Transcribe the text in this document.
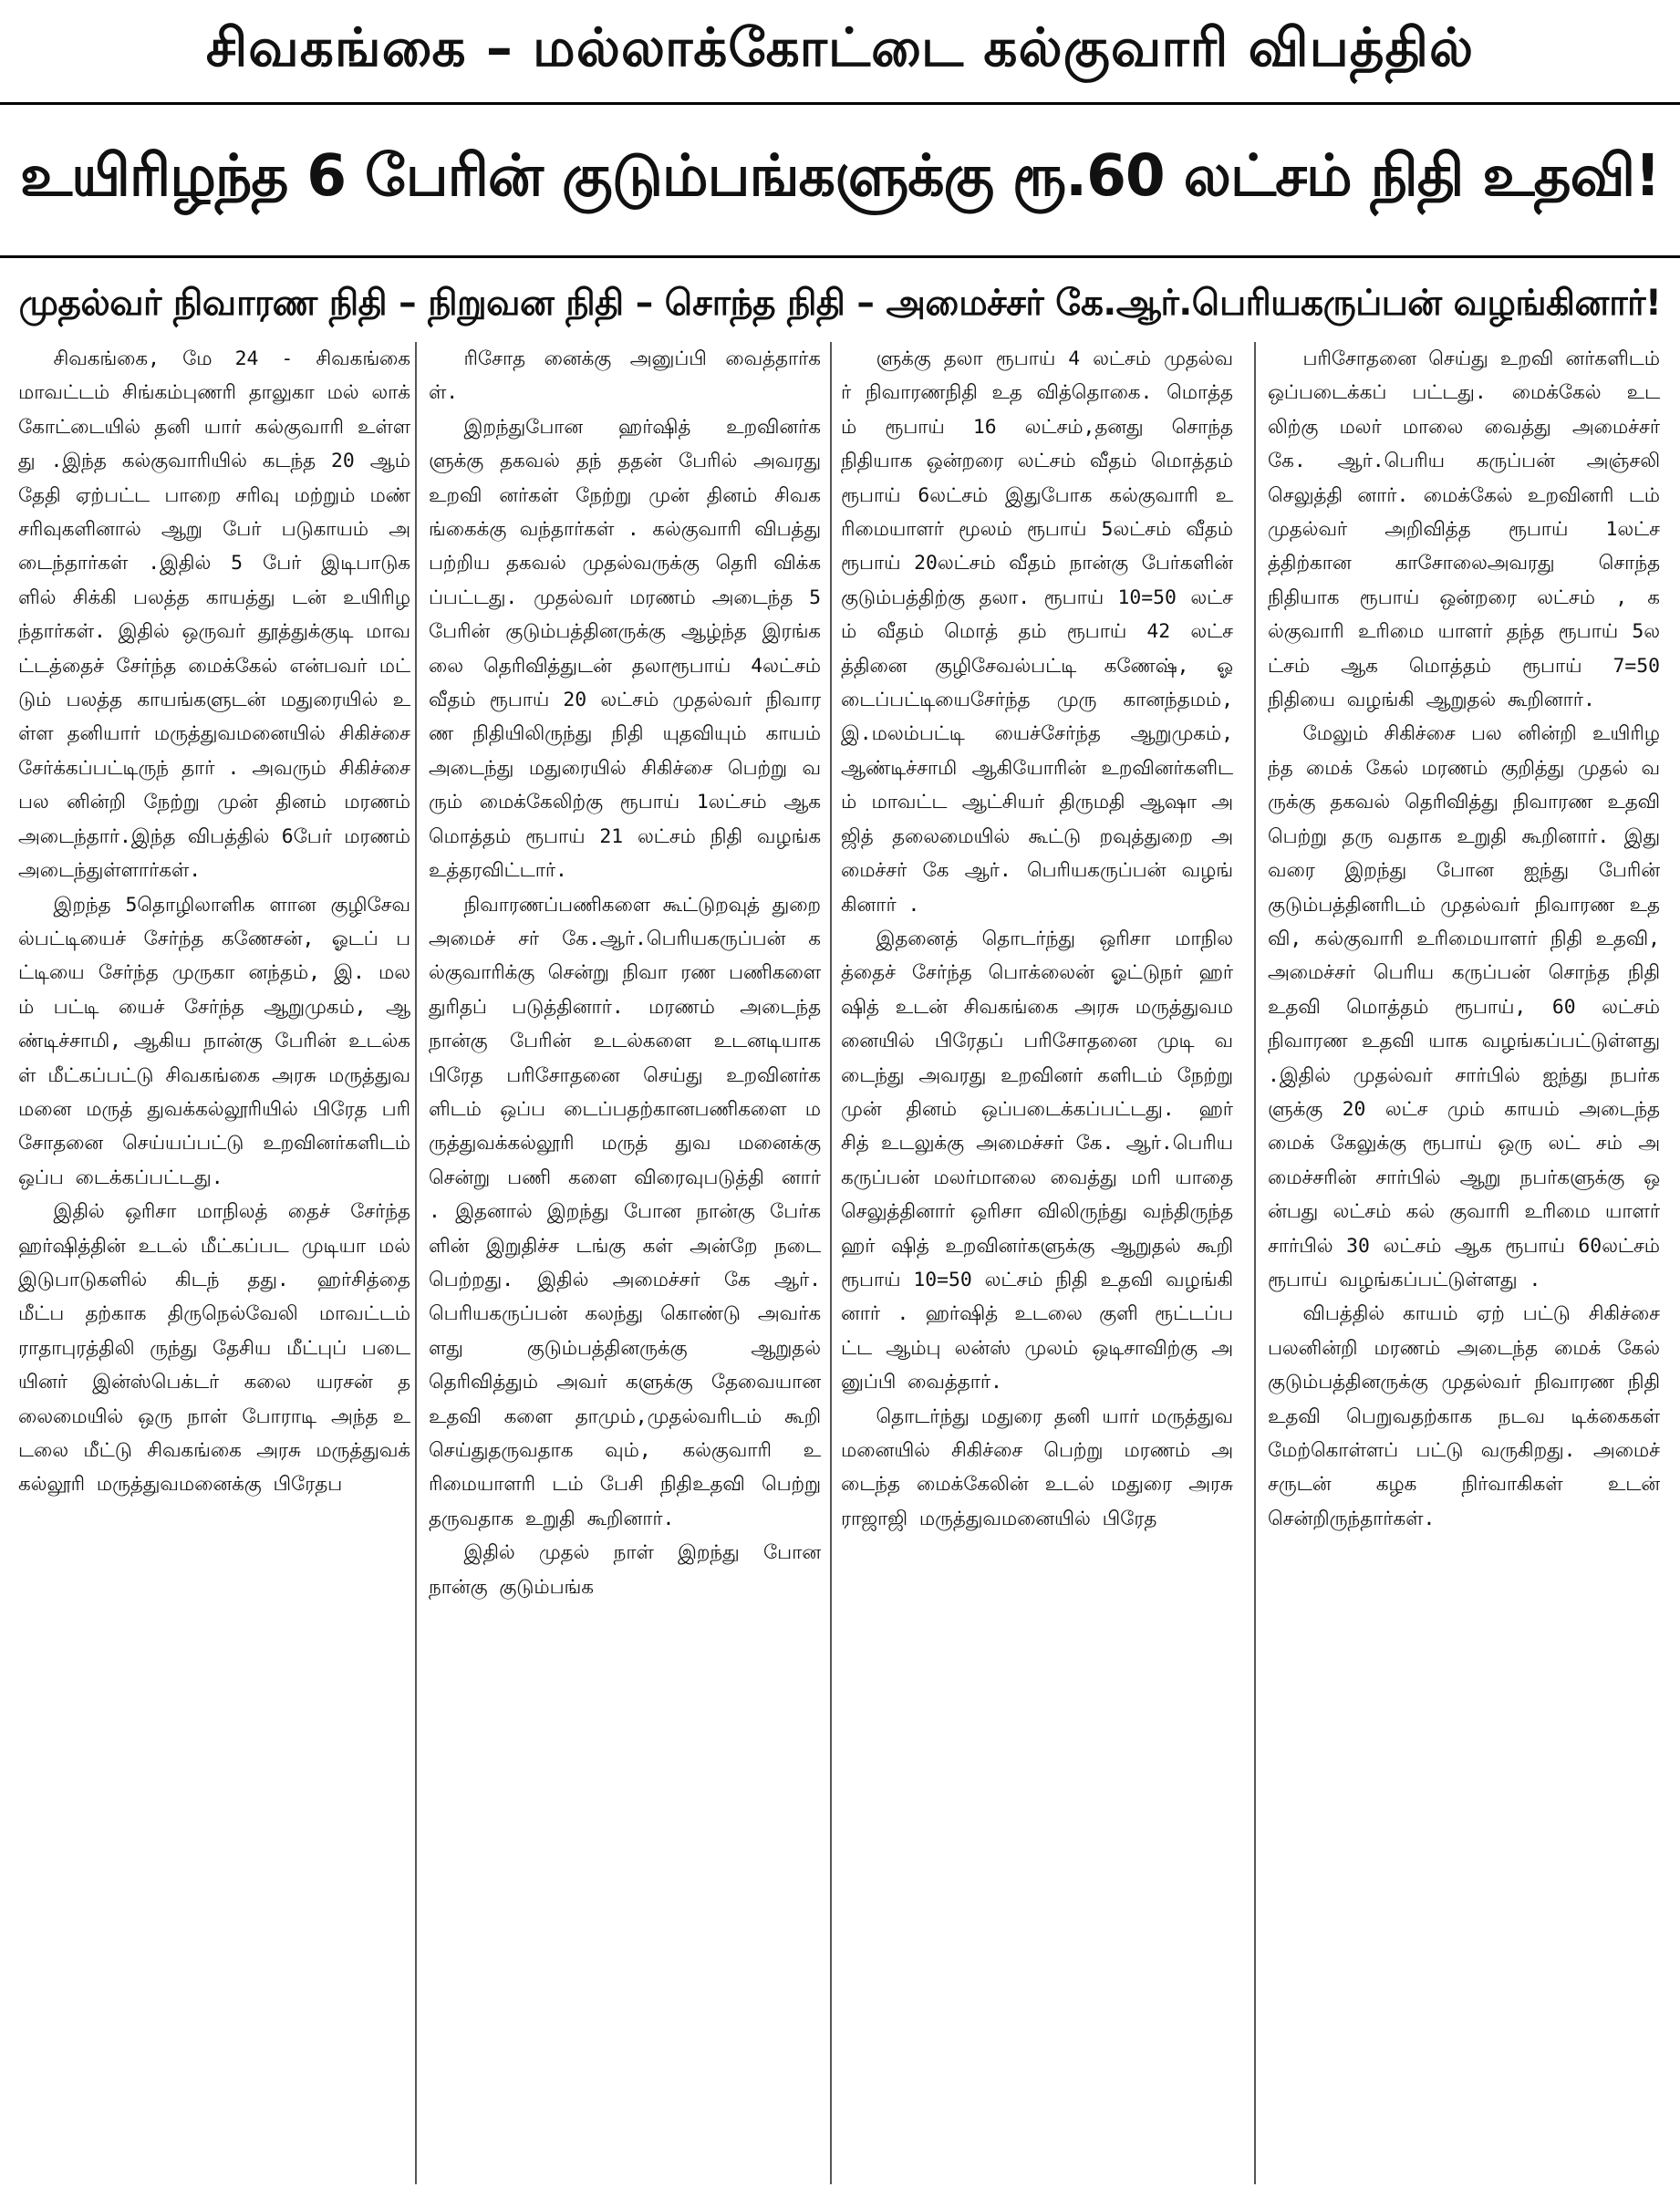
சிவகங்கை – மல்லாக்கோட்டை கல்குவாரி விபத்தில்
உயிரிழந்த 6 பேரின் குடும்பங்களுக்கு ரூ.60 லட்சம் நிதி உதவி!
முதல்வர் நிவாரண நிதி – நிறுவன நிதி – சொந்த நிதி – அமைச்சர் கே.ஆர்.பெரியகருப்பன் வழங்கினார்!

சிவகங்கை, மே 24 - சிவகங்கை மாவட்டம் சிங்கம்புணரி தாலுகா மல் லாக் கோட்டையில் தனி யார் கல்குவாரி உள்ளது .இந்த கல்குவாரியில் கடந்த 20 ஆம் தேதி ஏற்பட்ட பாறை சரிவு மற்றும் மண் சரிவுகளினால் ஆறு பேர் படுகாயம் அடைந்தார்கள் .இதில் 5 பேர் இடிபாடுக ளில் சிக்கி பலத்த காயத்து டன் உயிரிழந்தார்கள். இதில் ஒருவர் தூத்துக்குடி மாவட்டத்தைச் சேர்ந்த மைக்கேல் என்பவர் மட் டும் பலத்த காயங்களுடன் மதுரையில் உள்ள தனியார் மருத்துவமனையில் சிகிச்சை சேர்க்கப்பட்டிருந் தார் . அவரும் சிகிச்சை பல னின்றி நேற்று முன் தினம் மரணம் அடைந்தார்.இந்த விபத்தில் 6பேர் மரணம் அடைந்துள்ளார்கள்.

இறந்த 5தொழிலாளிக ளான குழிசேவல்பட்டியைச் சேர்ந்த கணேசன், ஓடப் பட்டியை சேர்ந்த முருகா னந்தம், இ. மலம் பட்டி யைச் சேர்ந்த ஆறுமுகம், ஆண்டிச்சாமி, ஆகிய நான்கு பேரின் உடல்கள் மீட்கப்பட்டு சிவகங்கை அரசு மருத்துவமனை மருத் துவக்கல்லூரியில் பிரேத பரி சோதனை செய்யப்பட்டு உறவினர்களிடம் ஒப்ப டைக்கப்பட்டது.

இதில் ஒரிசா மாநிலத் தைச் சேர்ந்த ஹர்ஷித்தின் உடல் மீட்கப்பட முடியா மல் இடுபாடுகளில் கிடந் தது. ஹர்சித்தை மீட்ப தற்காக திருநெல்வேலி மாவட்டம் ராதாபுரத்திலி ருந்து தேசிய மீட்புப் படை யினர் இன்ஸ்பெக்டர் கலை யரசன் தலைமையில் ஒரு நாள் போராடி அந்த உடலை மீட்டு சிவகங்கை அரசு மருத்துவக் கல்லூரி மருத்துவமனைக்கு பிரேதப

ரிசோத னைக்கு அனுப்பி வைத்தார்கள்.

இறந்துபோன ஹர்ஷித் உறவினர்களுக்கு தகவல் தந் ததன் பேரில் அவரது உறவி னர்கள் நேற்று முன் தினம் சிவகங்கைக்கு வந்தார்கள் . கல்குவாரி விபத்து பற்றிய தகவல் முதல்வருக்கு தெரி விக்கப்பட்டது. முதல்வர் மரணம் அடைந்த 5பேரின் குடும்பத்தினருக்கு ஆழ்ந்த இரங்கலை தெரிவித்துடன் தலாரூபாய் 4லட்சம் வீதம் ரூபாய் 20 லட்சம் முதல்வர் நிவாரண நிதியிலிருந்து நிதி யுதவியும் காயம் அடைந்து மதுரையில் சிகிச்சை பெற்று வரும் மைக்கேலிற்கு ரூபாய் 1லட்சம் ஆக மொத்தம் ரூபாய் 21 லட்சம் நிதி வழங்க உத்தரவிட்டார்.

நிவாரணப்பணிகளை கூட்டுறவுத் துறை அமைச் சர் கே.ஆர்.பெரியகருப்பன் கல்குவாரிக்கு சென்று நிவா ரண பணிகளை துரிதப் படுத்தினார். மரணம் அடைந்த நான்கு பேரின் உடல்களை உடனடியாக பிரேத பரிசோதனை செய்து உறவினர்களிடம் ஒப்ப டைப்பதற்கானபணிகளை மருத்துவக்கல்லூரி மருத் துவ மனைக்கு சென்று பணி களை விரைவுபடுத்தி னார் . இதனால் இறந்து போன நான்கு பேர்களின் இறுதிச்ச டங்கு கள் அன்றே நடை பெற்றது. இதில் அமைச்சர் கே ஆர்.பெரியகருப்பன் கலந்து கொண்டு அவர்க ளது குடும்பத்தினருக்கு ஆறுதல் தெரிவித்தும் அவர் களுக்கு தேவையான உதவி களை தாமும்,முதல்வரிடம் கூறி செய்துதருவதாக வும், கல்குவாரி உரிமையாளரி டம் பேசி நிதிஉதவி பெற்று தருவதாக உறுதி கூறினார்.

இதில் முதல் நாள் இறந்து போன நான்கு குடும்பங்க

ளுக்கு தலா ரூபாய் 4 லட்சம் முதல்வர் நிவாரணநிதி உத வித்தொகை. மொத்தம் ரூபாய் 16 லட்சம்,தனது சொந்த நிதியாக ஒன்றரை லட்சம் வீதம் மொத்தம் ரூபாய் 6லட்சம் இதுபோக கல்குவாரி உரிமையாளர் மூலம் ரூபாய் 5லட்சம் வீதம் ரூபாய் 20லட்சம் வீதம் நான்கு பேர்களின் குடும்பத்திற்கு தலா. ரூபாய் 10=50 லட்சம் வீதம் மொத் தம் ரூபாய் 42 லட்சத்தினை குழிசேவல்பட்டி கணேஷ், ஓடைப்பட்டியைசேர்ந்த முரு கானந்தமம்,இ.மலம்பட்டி யைச்சேர்ந்த ஆறுமுகம், ஆண்டிச்சாமி ஆகியோரின் உறவினர்களிடம் மாவட்ட ஆட்சியர் திருமதி ஆஷா அஜித் தலைமையில் கூட்டு றவுத்துறை அமைச்சர் கே ஆர். பெரியகருப்பன் வழங் கினார் .

இதனைத் தொடர்ந்து ஒரிசா மாநிலத்தைச் சேர்ந்த பொக்லைன் ஓட்டுநர் ஹர் ஷித் உடன் சிவகங்கை அரசு மருத்துவமனையில் பிரேதப் பரிசோதனை முடி வடைந்து அவரது உறவினர் களிடம் நேற்று முன் தினம் ஒப்படைக்கப்பட்டது. ஹர் சித் உடலுக்கு அமைச்சர் கே. ஆர்.பெரியகருப்பன் மலர்மாலை வைத்து மரி யாதை செலுத்தினார் ஒரிசா விலிருந்து வந்திருந்த ஹர் ஷித் உறவினர்களுக்கு ஆறுதல் கூறி ரூபாய் 10=50 லட்சம் நிதி உதவி வழங்கி னார் . ஹர்ஷித் உடலை குளி ரூட்டப்பட்ட ஆம்பு லன்ஸ் முலம் ஒடிசாவிற்கு அனுப்பி வைத்தார்.

தொடர்ந்து மதுரை தனி யார் மருத்துவமனையில் சிகிச்சை பெற்று மரணம் அடைந்த மைக்கேலின் உடல் மதுரை அரசு ராஜாஜி மருத்துவமனையில் பிரேத

பரிசோதனை செய்து உறவி னர்களிடம் ஒப்படைக்கப் பட்டது. மைக்கேல் உட லிற்கு மலர் மாலை வைத்து அமைச்சர் கே. ஆர்.பெரிய கருப்பன் அஞ்சலி செலுத்தி னார். மைக்கேல் உறவினரி டம் முதல்வர் அறிவித்த ரூபாய் 1லட்சத்திற்கான காசோலைஅவரது சொந்த நிதியாக ரூபாய் ஒன்றரை லட்சம் , கல்குவாரி உரிமை யாளர் தந்த ரூபாய் 5லட்சம் ஆக மொத்தம் ரூபாய் 7=50 நிதியை வழங்கி ஆறுதல் கூறினார்.

மேலும் சிகிச்சை பல னின்றி உயிரிழந்த மைக் கேல் மரணம் குறித்து முதல் வருக்கு தகவல் தெரிவித்து நிவாரண உதவி பெற்று தரு வதாக உறுதி கூறினார். இது வரை இறந்து போன ஐந்து பேரின் குடும்பத்தினரிடம் முதல்வர் நிவாரண உதவி, கல்குவாரி உரிமையாளர் நிதி உதவி, அமைச்சர் பெரிய கருப்பன் சொந்த நிதி உதவி மொத்தம் ரூபாய், 60 லட்சம் நிவாரண உதவி யாக வழங்கப்பட்டுள்ளது .இதில் முதல்வர் சார்பில் ஐந்து நபர்களுக்கு 20 லட்ச மும் காயம் அடைந்த மைக் கேலுக்கு ரூபாய் ஒரு லட் சம் அமைச்சரின் சார்பில் ஆறு நபர்களுக்கு ஒன்பது லட்சம் கல் குவாரி உரிமை யாளர் சார்பில் 30 லட்சம் ஆக ரூபாய் 60லட்சம் ரூபாய் வழங்கப்பட்டுள்ளது .

விபத்தில் காயம் ஏற் பட்டு சிகிச்சை பலனின்றி மரணம் அடைந்த மைக் கேல் குடும்பத்தினருக்கு முதல்வர் நிவாரண நிதி உதவி பெறுவதற்காக நடவ டிக்கைகள் மேற்கொள்ளப் பட்டு வருகிறது. அமைச் சருடன் கழக நிர்வாகிகள் உடன் சென்றிருந்தார்கள்.
